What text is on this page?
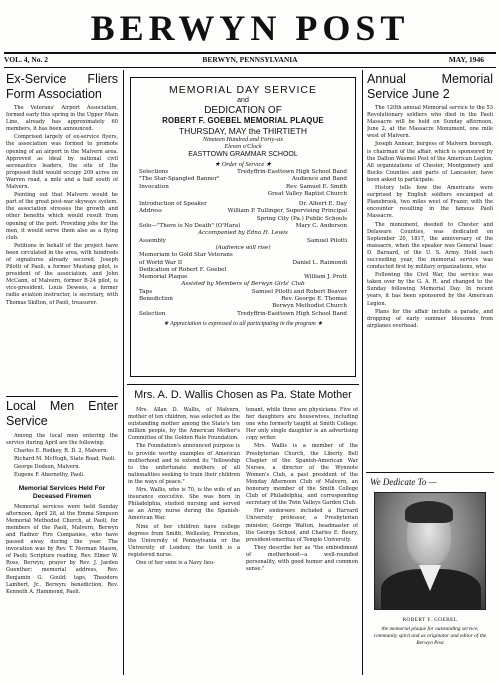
BERWYN POST
VOL. 4, No. 2	BERWYN, PENNSYLVANIA	MAY, 1946
Ex-Service Fliers Form Association

The Veterans' Airport Association, formed early this spring in the Upper Main Line, already has approximately 60 members, it has been announced.

Comprised largely of ex-service flyers, the association was formed to promote opening of an airport in the Malvern area. Approved as ideal by national civil aeronautics leaders, the site of the proposed field would occupy 209 acres on Warren road, a mile and a half south of Malvern.

Pointing out that Malvern would be part of the great post-war skyways system, the association stresses the growth and other benefits which would result from opening of the port. Providing jobs for the men, it would serve them also as a flying club.

Petitions in behalf of the project have been circulated in the area, with hundreds of signatures already secured. Joseph Pilotti of Paoli, a former Mustang pilot, is president of the association, and John McCann, of Malvern, former B-24 pilot, is vice-president. Louis Dewees, a former radio aviation instructor, is secretary, with Thomas Skilton, of Paoli, treasurer.

Local Men Enter Service

Among the local men entering the service during April are the following:

Charles E. Rodkey, R. D. 2, Malvern.

Richard M. McHugh, State Road, Paoli.

George Dodson, Malvern.

Eugene F. Abernethy, Paoli.

Memorial Services Held For Deceased Firemen

Memorial services were held Sunday afternoon, April 28, at the Emma Simpson Memorial Methodist Church, at Paoli, for members of the Paoli, Malvern, Berwyn and Radnor Fire Companies, who have passed away during the year. The invocation was by Rev. T. Norman Mason, of Paoli; Scripture reading, Rev. Elmer W. Ross, Berwyn; prayer by Rev. J. Jarden Guenther; memorial address, Rev. Benjamin G. Gould; taps, Theodore Lambert, Jr., Berwyn; benediction, Rev. Kenneth A. Hammond, Paoli.

MEMORIAL DAY SERVICE
and
DEDICATION OF
ROBERT F. GOEBEL MEMORIAL PLAQUE
THURSDAY, MAY the THIRTIETH
Nineteen Hundred and Forty-six
Eleven o'Clock
EASTTOWN GRAMMAR SCHOOL
★ Order of Service ★
Selections	Tredyffrin-Easttown High School Band
"The Star-Spangled Banner"	Audience and Band
Invocation	Rev. Samuel E. Smith
Great Valley Baptist Church
Introduction of Speaker	Dr. Albert E. Day
Address	William P. Tullinger, Supervising Principal
Spring City (Pa.) Public Schools
Solo—"There is No Death" (O'Hara)	Mary C. Anderson
Accompanied by Edna H. Lewis
Assembly	Samuel Pilotti
(Audience will rise)
Memoriam to Gold Star Veterans
of World War II	Daniel L. Raimondi
Dedication of Robert F. Goebel
Memorial Plaque	William J. Prott
Assisted by Members of Berwyn Girls' Club
Taps	Samuel Pilotti and Robert Beaver
Benediction	Rev. George E. Thomas
Berwyn Methodist Church
Selection	Tredyffrin-Easttown High School Band
★ Appreciation is expressed to all participating in the program ★
Mrs. A. D. Wallis Chosen as Pa. State Mother

Mrs. Allan D. Wallis, of Malvern, mother of ten children, was selected as the outstanding mother among the State's ten million people, by the American Mother's Committee of the Golden Rule Foundation.

The Foundation's announced purpose is to provide worthy examples of American motherhood and to extend its "fellowship to the unfortunate mothers of all nationalities seeking to train their children in the ways of peace."

Mrs. Wallis, who is 70, is the wife of an insurance executive. She was born in Philadelphia, studied nursing and served as an Army nurse during the Spanish-American War.

Nine of her children have college degrees from Smith, Wellesley, Princeton, the University of Pennsylvania or the University of London; the tenth is a registered nurse.

One of her sons is a Navy lieu-

tenant, while three are physicians. Five of her daughters are housewives, including one who formerly taught at Smith College. Her only single daughter is an advertising copy writer.

Mrs. Wallis is a member of the Presbyterian Church, the Liberty Bell Chapter of the Spanish-American War Nurses, a director of the Wynnote Women's Club, a past president of the Monday Afternoon Club of Malvern, an honorary member of the Smith College Club of Philadelphia, and corresponding secretary of the Twin Valleys Garden Club.

Her endorsers included a Harvard University professor, a Presbyterian minister, George Walton, headmaster of the George School, and Charles E. Beury, president-emeritus of Temple University.

They describe her as "the embodiment of motherhood—a well-rounded personality, with good humor and common sense."

Annual Memorial Service June 2

The 120th annual Memorial service to the 53 Revolutionary soldiers who died in the Paoli Massacre will be held on Sunday afternoon, June 2, at the Massacre Monument, one mile west of Malvern.

Joseph Annear, burgess of Malvern borough, is chairman of the affair, which is sponsored by the Dalton Wasmel Post of the American Legion. All organizations of Chester, Montgomery and Bucks Counties and parts of Lancaster, have been asked to participate.

History tells how the Americans were surprised by English soldiers encamped at Planebrook, two miles west of Frazer, with the encounter resulting in the famous Paoli Massacre.

The monument, deeded to Chester and Delaware Counties, was dedicated on September 20, 1817, the anniversary of the massacre, when the speaker was General Isaac D. Barnard, of the U. S. Army. Held each succeeding year, the memorial service was conducted first by military organizations, who

Following the Civil War, the service was taken over by the G. A. R. and changed to the Sunday following Memorial Day. In recent years, it has been sponsored by the American Legion.

Plans for the affair include a parade, and dropping of early summer blossoms from airplanes overhead.

We Dedicate To —
ROBERT F. GOEBEL
the memorial plaque for outstanding service, community spirit and as originator and editor of the Berwyn Post
